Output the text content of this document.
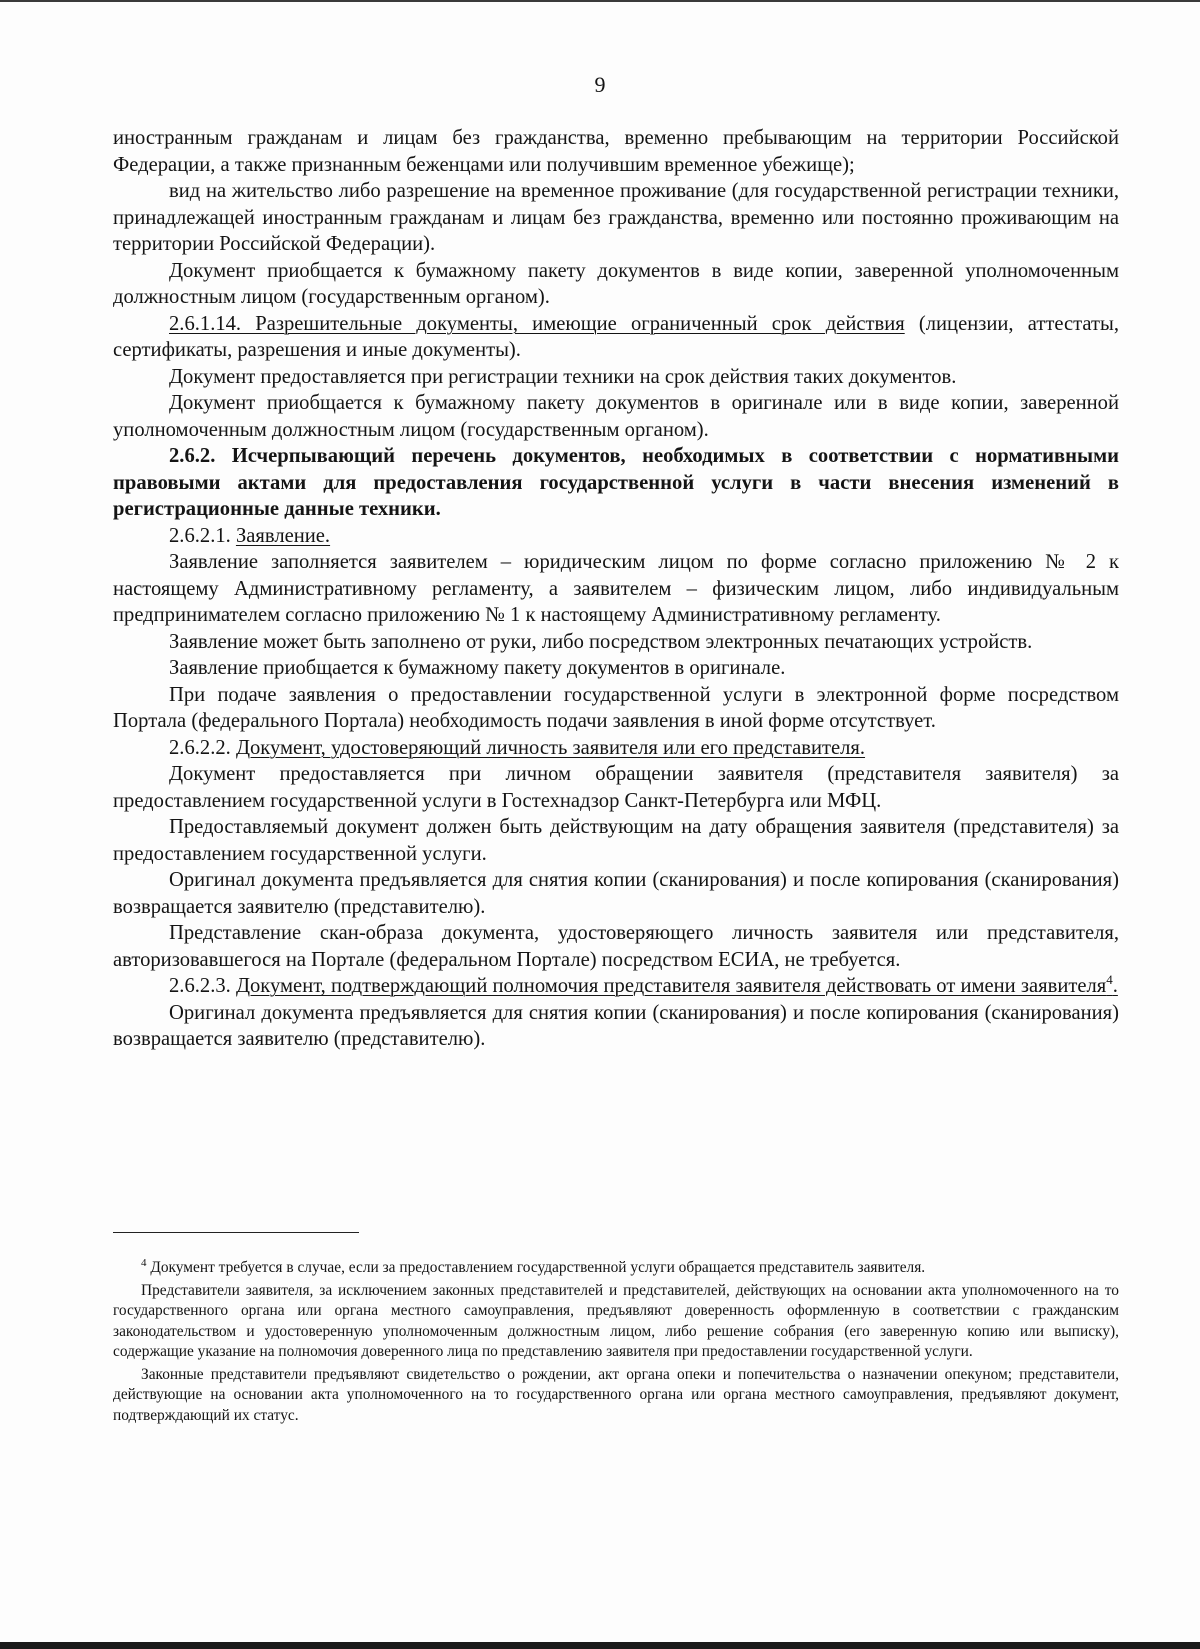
9

иностранным гражданам и лицам без гражданства, временно пребывающим на территории Российской Федерации, а также признанным беженцами или получившим временное убежище);

вид на жительство либо разрешение на временное проживание (для государственной регистрации техники, принадлежащей иностранным гражданам и лицам без гражданства, временно или постоянно проживающим на территории Российской Федерации).

Документ приобщается к бумажному пакету документов в виде копии, заверенной уполномоченным должностным лицом (государственным органом).

2.6.1.14. Разрешительные документы, имеющие ограниченный срок действия (лицензии, аттестаты, сертификаты, разрешения и иные документы).

Документ предоставляется при регистрации техники на срок действия таких документов.

Документ приобщается к бумажному пакету документов в оригинале или в виде копии, заверенной уполномоченным должностным лицом (государственным органом).

2.6.2. Исчерпывающий перечень документов, необходимых в соответствии с нормативными правовыми актами для предоставления государственной услуги в части внесения изменений в регистрационные данные техники.

2.6.2.1. Заявление.

Заявление заполняется заявителем – юридическим лицом по форме согласно приложению № 2 к настоящему Административному регламенту, а заявителем – физическим лицом, либо индивидуальным предпринимателем согласно приложению № 1 к настоящему Административному регламенту.

Заявление может быть заполнено от руки, либо посредством электронных печатающих устройств.

Заявление приобщается к бумажному пакету документов в оригинале.

При подаче заявления о предоставлении государственной услуги в электронной форме посредством Портала (федерального Портала) необходимость подачи заявления в иной форме отсутствует.

2.6.2.2. Документ, удостоверяющий личность заявителя или его представителя.

Документ предоставляется при личном обращении заявителя (представителя заявителя) за предоставлением государственной услуги в Гостехнадзор Санкт-Петербурга или МФЦ.

Предоставляемый документ должен быть действующим на дату обращения заявителя (представителя) за предоставлением государственной услуги.

Оригинал документа предъявляется для снятия копии (сканирования) и после копирования (сканирования) возвращается заявителю (представителю).

Представление скан-образа документа, удостоверяющего личность заявителя или представителя, авторизовавшегося на Портале (федеральном Портале) посредством ЕСИА, не требуется.

2.6.2.3. Документ, подтверждающий полномочия представителя заявителя действовать от имени заявителя$^4$.

Оригинал документа предъявляется для снятия копии (сканирования) и после копирования (сканирования) возвращается заявителю (представителю).

$^4$ Документ требуется в случае, если за предоставлением государственной услуги обращается представитель заявителя.

Представители заявителя, за исключением законных представителей и представителей, действующих на основании акта уполномоченного на то государственного органа или органа местного самоуправления, предъявляют доверенность оформленную в соответствии с гражданским законодательством и удостоверенную уполномоченным должностным лицом, либо решение собрания (его заверенную копию или выписку), содержащие указание на полномочия доверенного лица по представлению заявителя при предоставлении государственной услуги.

Законные представители предъявляют свидетельство о рождении, акт органа опеки и попечительства о назначении опекуном; представители, действующие на основании акта уполномоченного на то государственного органа или органа местного самоуправления, предъявляют документ, подтверждающий их статус.
